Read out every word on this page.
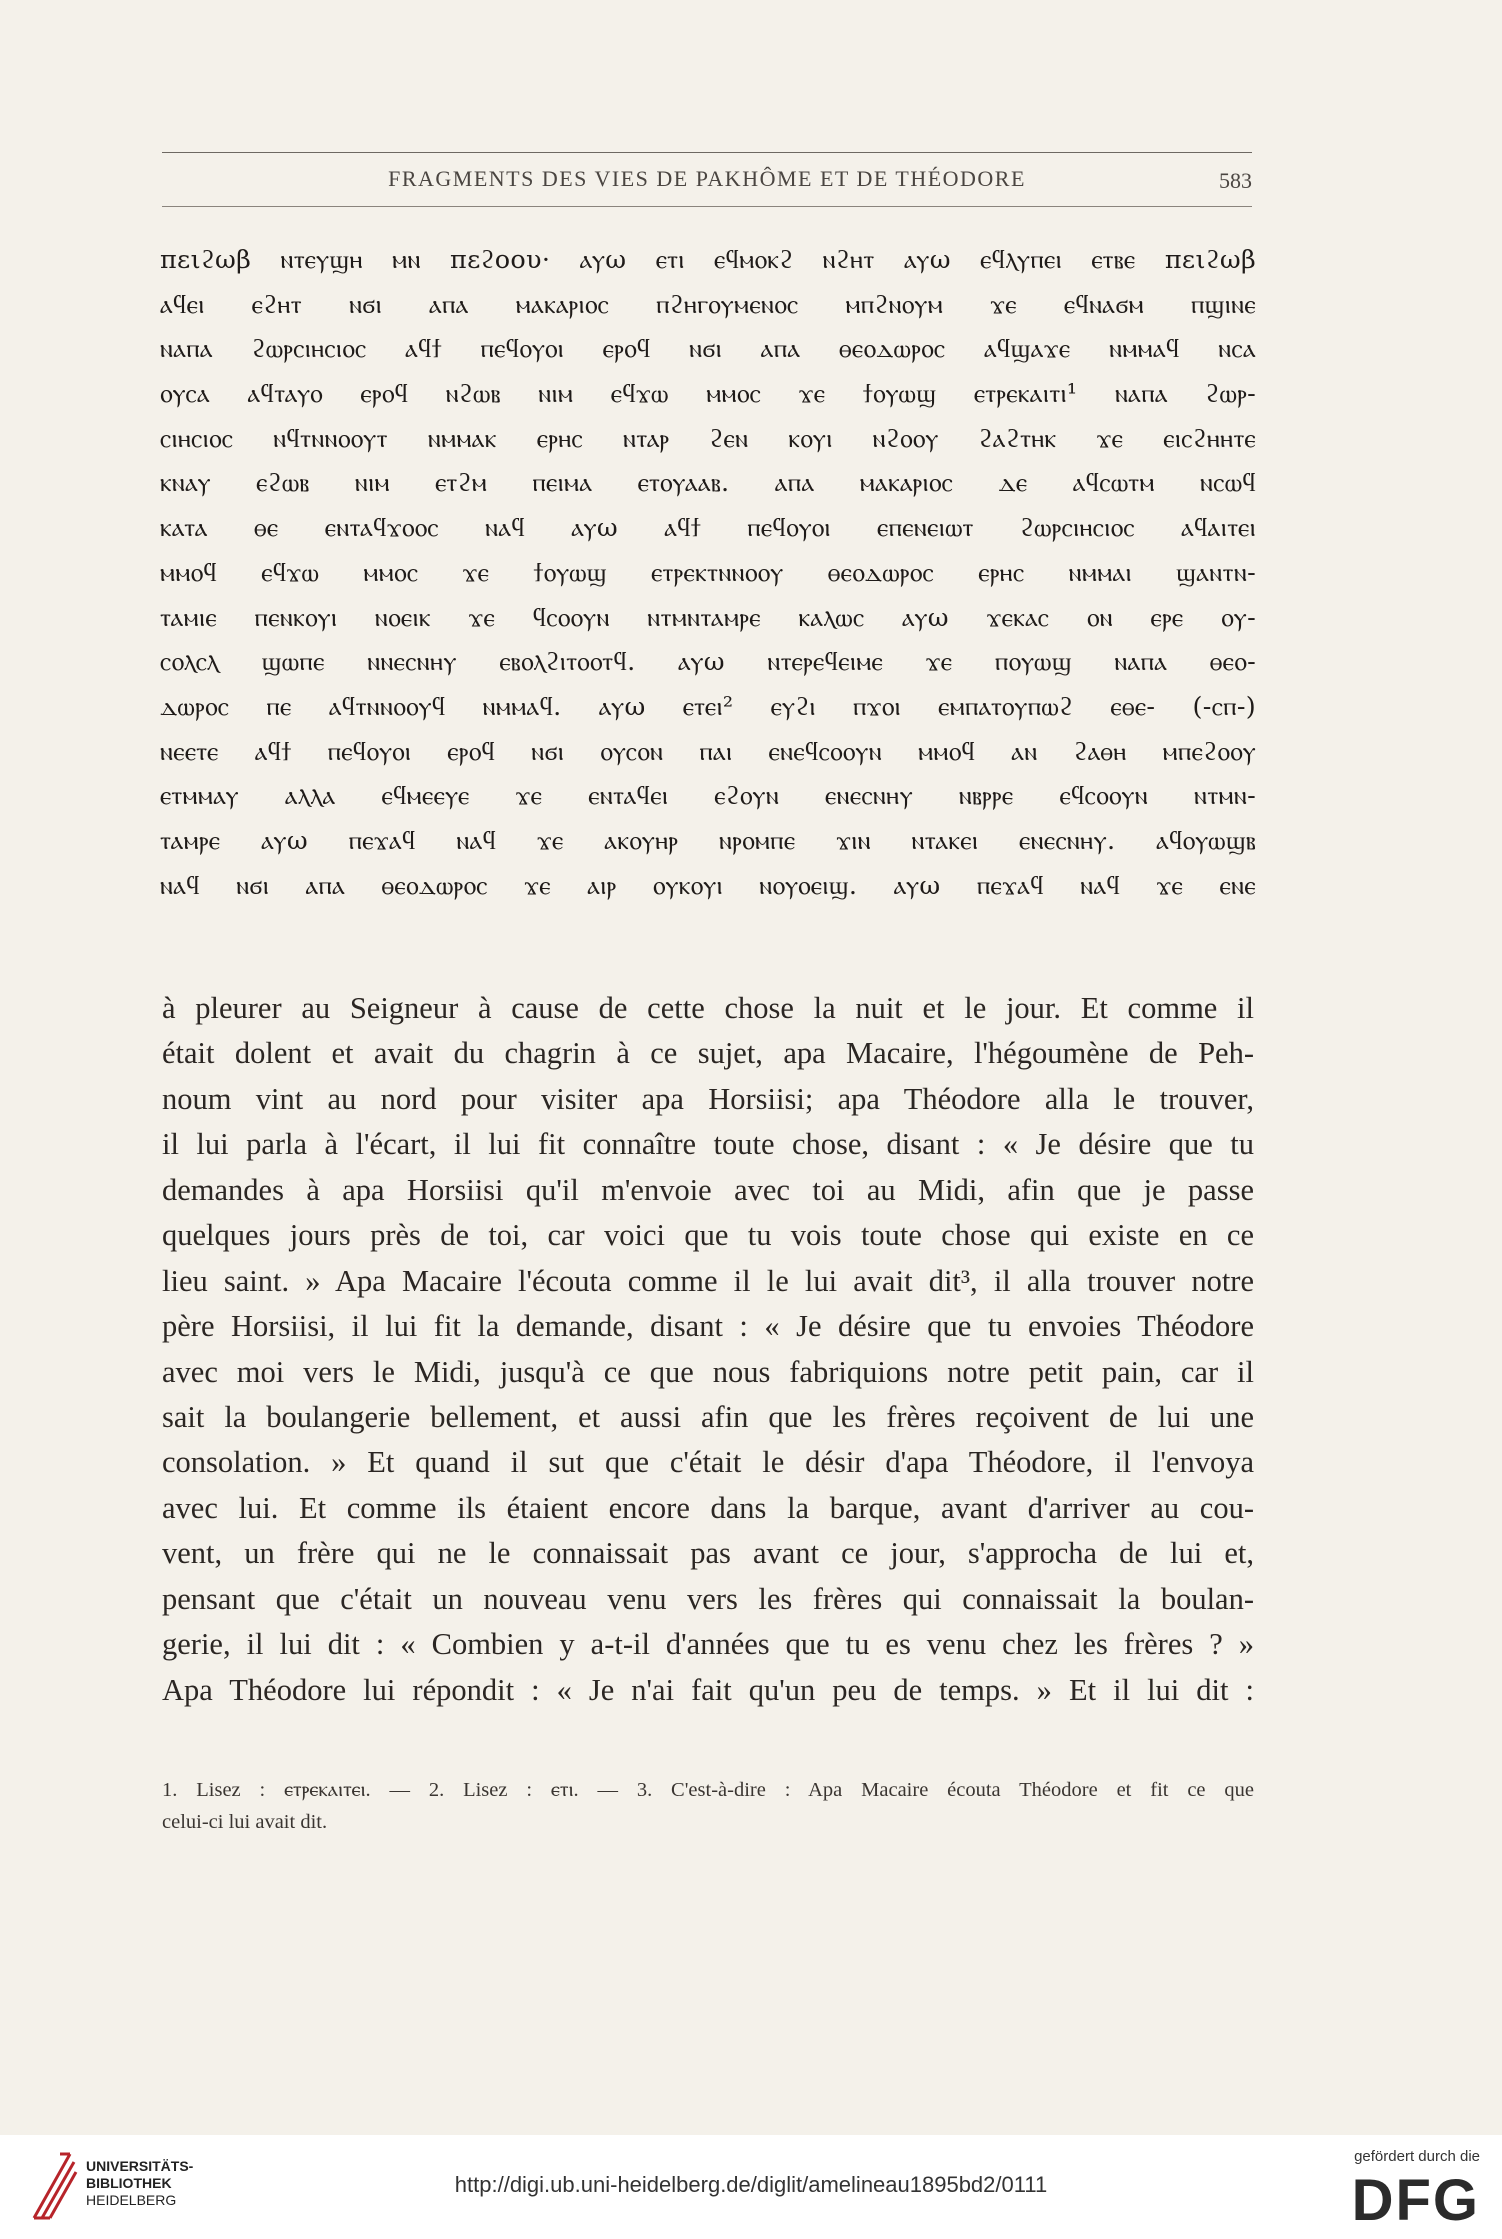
FRAGMENTS DES VIES DE PAKHÔME ET DE THÉODORE	583
πειϩωβ ⲛⲧⲉⲩϣⲏ ⲙⲛ πεϩοου· ⲁⲩω ⲉⲧⲓ ⲉϥⲙⲟⲕϩ ⲛϩⲏⲧ ⲁⲩω ⲉϥⲗⲩⲡⲉⲓ ⲉⲧⲃⲉ πειϩωβ
ⲁϥⲉⲓ ⲉϩⲏⲧ ⲛϭⲓ ⲁⲡⲁ ⲙⲁⲕⲁⲣⲓⲟⲥ ⲡϩⲏⲅⲟⲩⲙⲉⲛⲟⲥ ⲙⲡϩⲛⲟⲩⲙ ϫⲉ ⲉϥⲛⲁϭⲙ ⲡϣⲓⲛⲉ
ⲛⲁⲡⲁ ϩⲱⲣⲥⲓⲏⲥⲓⲟⲥ ⲁϥϯ ⲡⲉϥⲟⲩⲟⲓ ⲉⲣⲟϥ ⲛϭⲓ ⲁⲡⲁ ⲑⲉⲟⲇⲱⲣⲟⲥ ⲁϥϣⲁϫⲉ ⲛⲙⲙⲁϥ ⲛⲥⲁ
ⲟⲩⲥⲁ ⲁϥⲧⲁⲩⲟ ⲉⲣⲟϥ ⲛϩⲱⲃ ⲛⲓⲙ ⲉϥϫⲱ ⲙⲙⲟⲥ ϫⲉ ϯⲟⲩⲱϣ ⲉⲧⲣⲉⲕⲁⲓⲧⲓ¹ ⲛⲁⲡⲁ ϩⲱⲣ-
ⲥⲓⲏⲥⲓⲟⲥ ⲛϥⲧⲛⲛⲟⲟⲩⲧ ⲛⲙⲙⲁⲕ ⲉⲣⲏⲥ ⲛⲧⲁⲣ ϩⲉⲛ ⲕⲟⲩⲓ ⲛϩⲟⲟⲩ ϩⲁϩⲧⲏⲕ ϫⲉ ⲉⲓⲥϩⲏⲏⲧⲉ
ⲕⲛⲁⲩ ⲉϩⲱⲃ ⲛⲓⲙ ⲉⲧϩⲙ ⲡⲉⲓⲙⲁ ⲉⲧⲟⲩⲁⲁⲃ. ⲁⲡⲁ ⲙⲁⲕⲁⲣⲓⲟⲥ ⲇⲉ ⲁϥⲥⲱⲧⲙ ⲛⲥⲱϥ
ⲕⲁⲧⲁ ⲑⲉ ⲉⲛⲧⲁϥϫⲟⲟⲥ ⲛⲁϥ ⲁⲩω ⲁϥϯ ⲡⲉϥⲟⲩⲟⲓ ⲉⲡⲉⲛⲉⲓⲱⲧ ϩⲱⲣⲥⲓⲏⲥⲓⲟⲥ ⲁϥⲁⲓⲧⲉⲓ
ⲙⲙⲟϥ ⲉϥϫⲱ ⲙⲙⲟⲥ ϫⲉ ϯⲟⲩⲱϣ ⲉⲧⲣⲉⲕⲧⲛⲛⲟⲟⲩ ⲑⲉⲟⲇⲱⲣⲟⲥ ⲉⲣⲏⲥ ⲛⲙⲙⲁⲓ ϣⲁⲛⲧⲛ-
ⲧⲁⲙⲓⲉ ⲡⲉⲛⲕⲟⲩⲓ ⲛⲟⲉⲓⲕ ϫⲉ ϥⲥⲟⲟⲩⲛ ⲛⲧⲙⲛⲧⲁⲙⲣⲉ ⲕⲁⲗⲱⲥ ⲁⲩω ϫⲉⲕⲁⲥ ⲟⲛ ⲉⲣⲉ ⲟⲩ-
ⲥⲟⲗⲥⲗ ϣⲱⲡⲉ ⲛⲛⲉⲥⲛⲏⲩ ⲉⲃⲟⲗϩⲓⲧⲟⲟⲧϥ. ⲁⲩω ⲛⲧⲉⲣⲉϥⲉⲓⲙⲉ ϫⲉ ⲡⲟⲩⲱϣ ⲛⲁⲡⲁ ⲑⲉⲟ-
ⲇⲱⲣⲟⲥ ⲡⲉ ⲁϥⲧⲛⲛⲟⲟⲩϥ ⲛⲙⲙⲁϥ. ⲁⲩω ⲉⲧⲉⲓ² ⲉⲩϩⲓ ⲡϫⲟⲓ ⲉⲙⲡⲁⲧⲟⲩⲡⲱϩ ⲉⲑⲉ- (-ⲥⲡ-)
ⲛⲉⲉⲧⲉ ⲁϥϯ ⲡⲉϥⲟⲩⲟⲓ ⲉⲣⲟϥ ⲛϭⲓ ⲟⲩⲥⲟⲛ ⲡⲁⲓ ⲉⲛⲉϥⲥⲟⲟⲩⲛ ⲙⲙⲟϥ ⲁⲛ ϩⲁⲑⲏ ⲙⲡⲉϩⲟⲟⲩ
ⲉⲧⲙⲙⲁⲩ ⲁⲗⲗⲁ ⲉϥⲙⲉⲉⲩⲉ ϫⲉ ⲉⲛⲧⲁϥⲉⲓ ⲉϩⲟⲩⲛ ⲉⲛⲉⲥⲛⲏⲩ ⲛⲃⲣⲣⲉ ⲉϥⲥⲟⲟⲩⲛ ⲛⲧⲙⲛ-
ⲧⲁⲙⲣⲉ ⲁⲩω ⲡⲉϫⲁϥ ⲛⲁϥ ϫⲉ ⲁⲕⲟⲩⲏⲣ ⲛⲣⲟⲙⲡⲉ ϫⲓⲛ ⲛⲧⲁⲕⲉⲓ ⲉⲛⲉⲥⲛⲏⲩ. ⲁϥⲟⲩⲱϣⲃ
ⲛⲁϥ ⲛϭⲓ ⲁⲡⲁ ⲑⲉⲟⲇⲱⲣⲟⲥ ϫⲉ ⲁⲓⲣ ⲟⲩⲕⲟⲩⲓ ⲛⲟⲩⲟⲉⲓϣ. ⲁⲩω ⲡⲉϫⲁϥ ⲛⲁϥ ϫⲉ ⲉⲛⲉ
à pleurer au Seigneur à cause de cette chose la nuit et le jour. Et comme il
était dolent et avait du chagrin à ce sujet, apa Macaire, l'hégoumène de Peh-
noum vint au nord pour visiter apa Horsiisi; apa Théodore alla le trouver,
il lui parla à l'écart, il lui fit connaître toute chose, disant : « Je désire que tu
demandes à apa Horsiisi qu'il m'envoie avec toi au Midi, afin que je passe
quelques jours près de toi, car voici que tu vois toute chose qui existe en ce
lieu saint. » Apa Macaire l'écouta comme il le lui avait dit³, il alla trouver notre
père Horsiisi, il lui fit la demande, disant : « Je désire que tu envoies Théodore
avec moi vers le Midi, jusqu'à ce que nous fabriquions notre petit pain, car il
sait la boulangerie bellement, et aussi afin que les frères reçoivent de lui une
consolation. » Et quand il sut que c'était le désir d'apa Théodore, il l'envoya
avec lui. Et comme ils étaient encore dans la barque, avant d'arriver au cou-
vent, un frère qui ne le connaissait pas avant ce jour, s'approcha de lui et,
pensant que c'était un nouveau venu vers les frères qui connaissait la boulan-
gerie, il lui dit : « Combien y a-t-il d'années que tu es venu chez les frères ? »
Apa Théodore lui répondit : « Je n'ai fait qu'un peu de temps. » Et il lui dit :
1. Lisez : ⲉⲧⲣⲉⲕⲁⲓⲧⲉⲓ. — 2. Lisez : ⲉⲧⲓ. — 3. C'est-à-dire : Apa Macaire écouta Théodore et fit ce que
celui-ci lui avait dit.
UNIVERSITÄTS-
BIBLIOTHEK
HEIDELBERG
http://digi.ub.uni-heidelberg.de/diglit/amelineau1895bd2/0111
gefördert durch die
DFG
